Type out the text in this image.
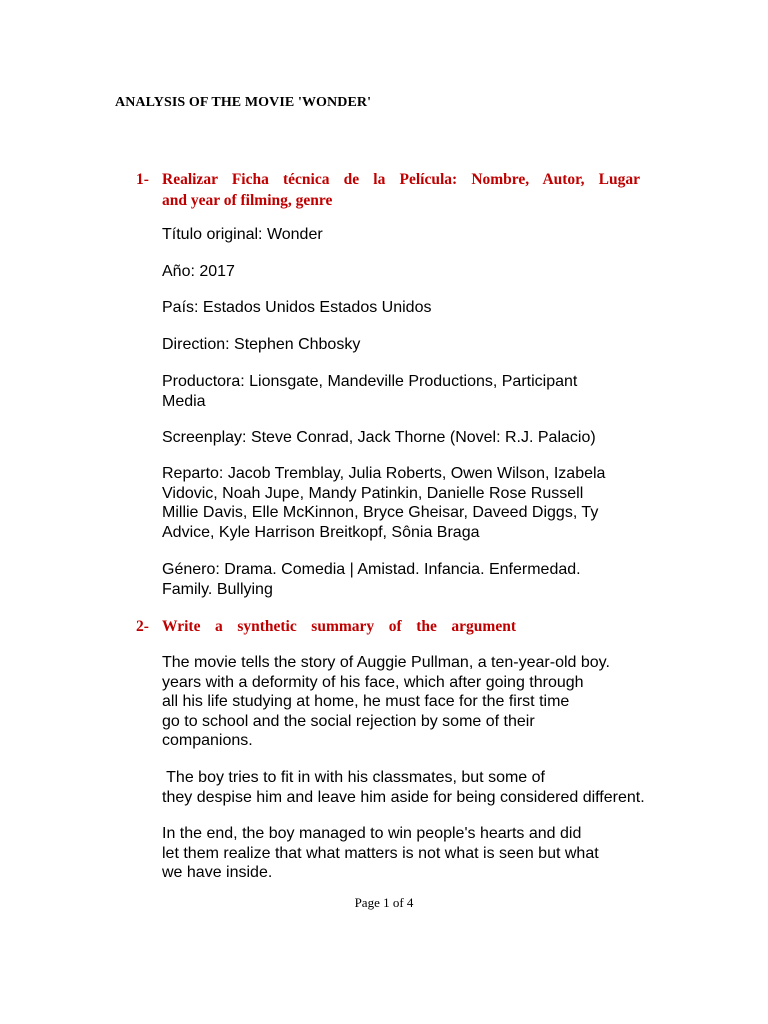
ANALYSIS OF THE MOVIE 'WONDER'
1- Realizar Ficha técnica de la Película: Nombre, Autor, Lugar
and year of filming, genre
Título original: Wonder
Año: 2017
País: Estados Unidos Estados Unidos
Direction: Stephen Chbosky
Productora: Lionsgate, Mandeville Productions, Participant
Media
Screenplay: Steve Conrad, Jack Thorne (Novel: R.J. Palacio)
Reparto: Jacob Tremblay, Julia Roberts, Owen Wilson, Izabela
Vidovic, Noah Jupe, Mandy Patinkin, Danielle Rose Russell
Millie Davis, Elle McKinnon, Bryce Gheisar, Daveed Diggs, Ty
Advice, Kyle Harrison Breitkopf, Sônia Braga
Género: Drama. Comedia | Amistad. Infancia. Enfermedad.
Family. Bullying
2- Write a synthetic summary of the argument
The movie tells the story of Auggie Pullman, a ten-year-old boy.
years with a deformity of his face, which after going through
all his life studying at home, he must face for the first time
go to school and the social rejection by some of their
companions.
The boy tries to fit in with his classmates, but some of
they despise him and leave him aside for being considered different.
In the end, the boy managed to win people's hearts and did
let them realize that what matters is not what is seen but what
we have inside.
Page 1 of 4
